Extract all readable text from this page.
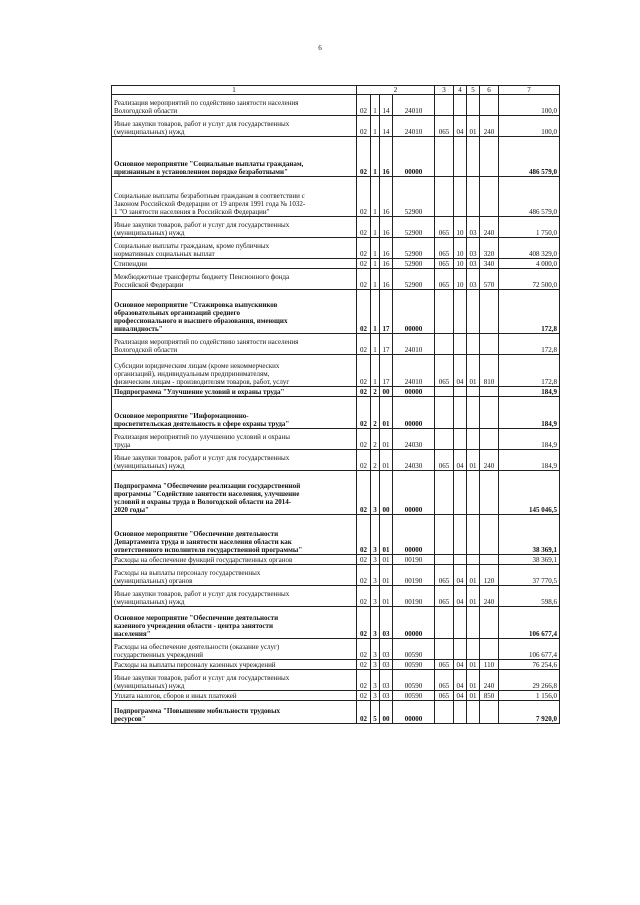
6
1	2				3	4	5	6	7
Реализация мероприятий по содействию занятости населения
Вологодской области	02	1	14	24010					100,0
Иные закупки товаров, работ и услуг для государственных
(муниципальных) нужд	02	1	14	24010	065	04	01	240	100,0
Основное мероприятие "Социальные выплаты гражданам,
признанным в установленном порядке безработными"	02	1	16	00000					486 579,0
Социальные выплаты безработным гражданам в соответствии с
Законом Российской Федерации от 19 апреля 1991 года № 1032-
1 "О занятости населения в Российской Федерации"	02	1	16	52900					486 579,0
Иные закупки товаров, работ и услуг для государственных
(муниципальных) нужд	02	1	16	52900	065	10	03	240	1 750,0
Социальные выплаты гражданам, кроме публичных
нормативных социальных выплат	02	1	16	52900	065	10	03	320	408 329,0
Стипендии	02	1	16	52900	065	10	03	340	4 000,0
Межбюджетные трансферты бюджету Пенсионного фонда
Российской Федерации	02	1	16	52900	065	10	03	570	72 500,0
Основное мероприятие "Стажировка выпускников
образовательных организаций среднего
профессионального и высшего образования, имеющих
инвалидность"	02	1	17	00000					172,8
Реализация мероприятий по содействию занятости населения
Вологодской области	02	1	17	24010					172,8
Субсидии юридическим лицам (кроме некоммерческих
организаций), индивидуальным предпринимателям,
физическим лицам - производителям товаров, работ, услуг	02	1	17	24010	065	04	01	810	172,8
Подпрограмма "Улучшение условий и охраны труда"	02	2	00	00000					184,9
Основное мероприятие "Информационно-
просветительская деятельность в сфере охраны труда"	02	2	01	00000					184,9
Реализация мероприятий по улучшению условий и охраны
труда	02	2	01	24030					184,9
Иные закупки товаров, работ и услуг для государственных
(муниципальных) нужд	02	2	01	24030	065	04	01	240	184,9
Подпрограмма "Обеспечение реализации государственной
программы "Содействие занятости населения, улучшение
условий и охраны труда в Вологодской области на 2014-
2020 годы"	02	3	00	00000					145 046,5
Основное мероприятие "Обеспечение деятельности
Департамента труда и занятости населения области как
ответственного исполнителя государственной программы"	02	3	01	00000					38 369,1
Расходы на обеспечение функций государственных органов	02	3	01	00190					38 369,1
Расходы на выплаты персоналу государственных
(муниципальных) органов	02	3	01	00190	065	04	01	120	37 770,5
Иные закупки товаров, работ и услуг для государственных
(муниципальных) нужд	02	3	01	00190	065	04	01	240	598,6
Основное мероприятие "Обеспечение деятельности
казенного учреждения области - центра занятости
населения"	02	3	03	00000					106 677,4
Расходы на обеспечение деятельности (оказание услуг)
государственных учреждений	02	3	03	00590					106 677,4
Расходы на выплаты персоналу казенных учреждений	02	3	03	00590	065	04	01	110	76 254,6
Иные закупки товаров, работ и услуг для государственных
(муниципальных) нужд	02	3	03	00590	065	04	01	240	29 266,8
Уплата налогов, сборов и иных платежей	02	3	03	00590	065	04	01	850	1 156,0
Подпрограмма "Повышение мобильности трудовых
ресурсов"	02	5	00	00000					7 920,0
